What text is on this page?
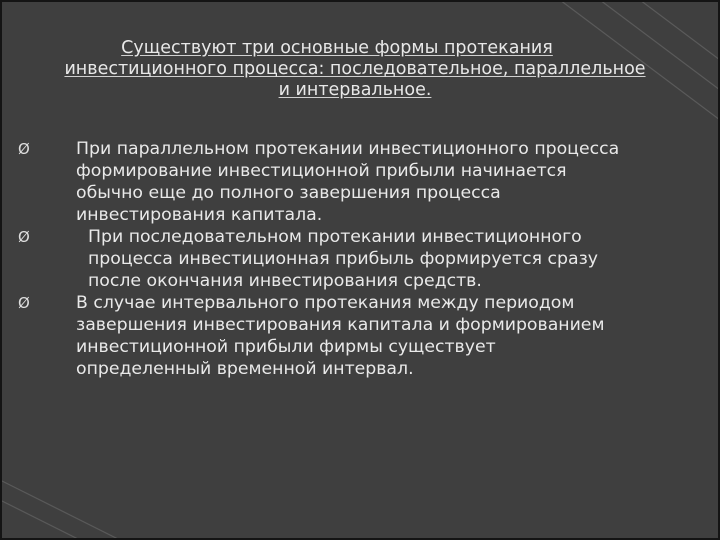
Существуют три основные формы протекания
инвестиционного процесса: последовательное, параллельное и интервальное.

Ø	При параллельном протекании инвестиционного процесса формирование инвестиционной прибыли начинается обычно еще до полного завершения процесса инвестирования капитала.
Ø	При последовательном протекании инвестиционного процесса инвестиционная прибыль формируется сразу после окончания инвестирования средств.
Ø	В случае интервального протекания между периодом завершения инвестирования капитала и формированием инвестиционной прибыли фирмы существует определенный временной интервал.
